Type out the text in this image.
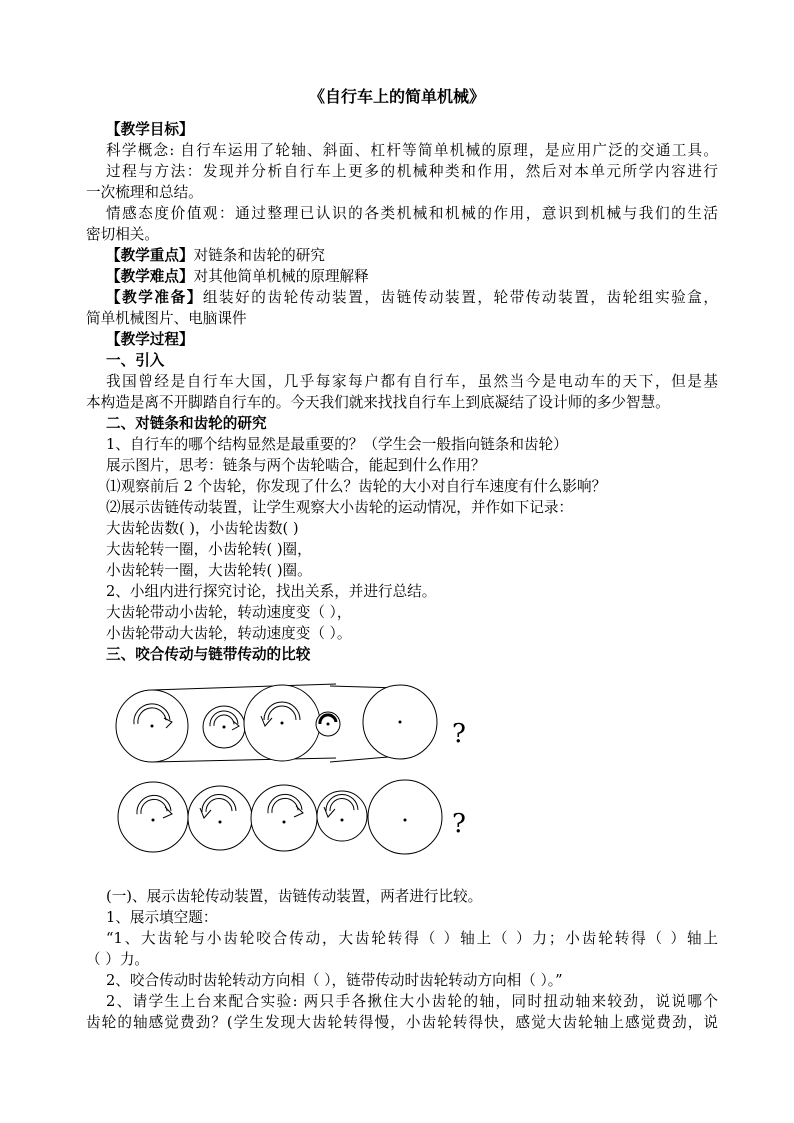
《自行车上的简单机械》
【教学目标】
科学概念: 自行车运用了轮轴、斜面、杠杆等简单机械的原理，是应用广泛的交通工具。
过程与方法：发现并分析自行车上更多的机械种类和作用，然后对本单元所学内容进行
一次梳理和总结。
情感态度价值观：通过整理已认识的各类机械和机械的作用，意识到机械与我们的生活
密切相关。
【教学重点】对链条和齿轮的研究
【教学难点】对其他简单机械的原理解释
【教学准备】组装好的齿轮传动装置，齿链传动装置，轮带传动装置，齿轮组实验盒，
简单机械图片、电脑课件
【教学过程】
一、引入
我国曾经是自行车大国，几乎每家每户都有自行车，虽然当今是电动车的天下，但是基
本构造是离不开脚踏自行车的。今天我们就来找找自行车上到底凝结了设计师的多少智慧。
二、对链条和齿轮的研究
1、自行车的哪个结构显然是最重要的？（学生会一般指向链条和齿轮）
展示图片，思考：链条与两个齿轮啮合，能起到什么作用？
⑴观察前后 2 个齿轮，你发现了什么？齿轮的大小对自行车速度有什么影响？
⑵展示齿链传动装置，让学生观察大小齿轮的运动情况，并作如下记录：
大齿轮齿数( )，小齿轮齿数( )
大齿轮转一圈，小齿轮转( )圈，
小齿轮转一圈，大齿轮转( )圈。
2、小组内进行探究讨论，找出关系，并进行总结。
大齿轮带动小齿轮，转动速度变（ ），
小齿轮带动大齿轮，转动速度变（ ）。
三、咬合传动与链带传动的比较
?
?
(一)、展示齿轮传动装置，齿链传动装置，两者进行比较。
1、展示填空题：
“1、大齿轮与小齿轮咬合传动，大齿轮转得（ ）轴上（ ）力；小齿轮转得（ ）轴上
（ ）力。
2、咬合传动时齿轮转动方向相（ ），链带传动时齿轮转动方向相（ ）。”
2、请学生上台来配合实验: 两只手各揪住大小齿轮的轴，同时扭动轴来较劲，说说哪个
齿轮的轴感觉费劲？(学生发现大齿轮转得慢，小齿轮转得快，感觉大齿轮轴上感觉费劲，说
